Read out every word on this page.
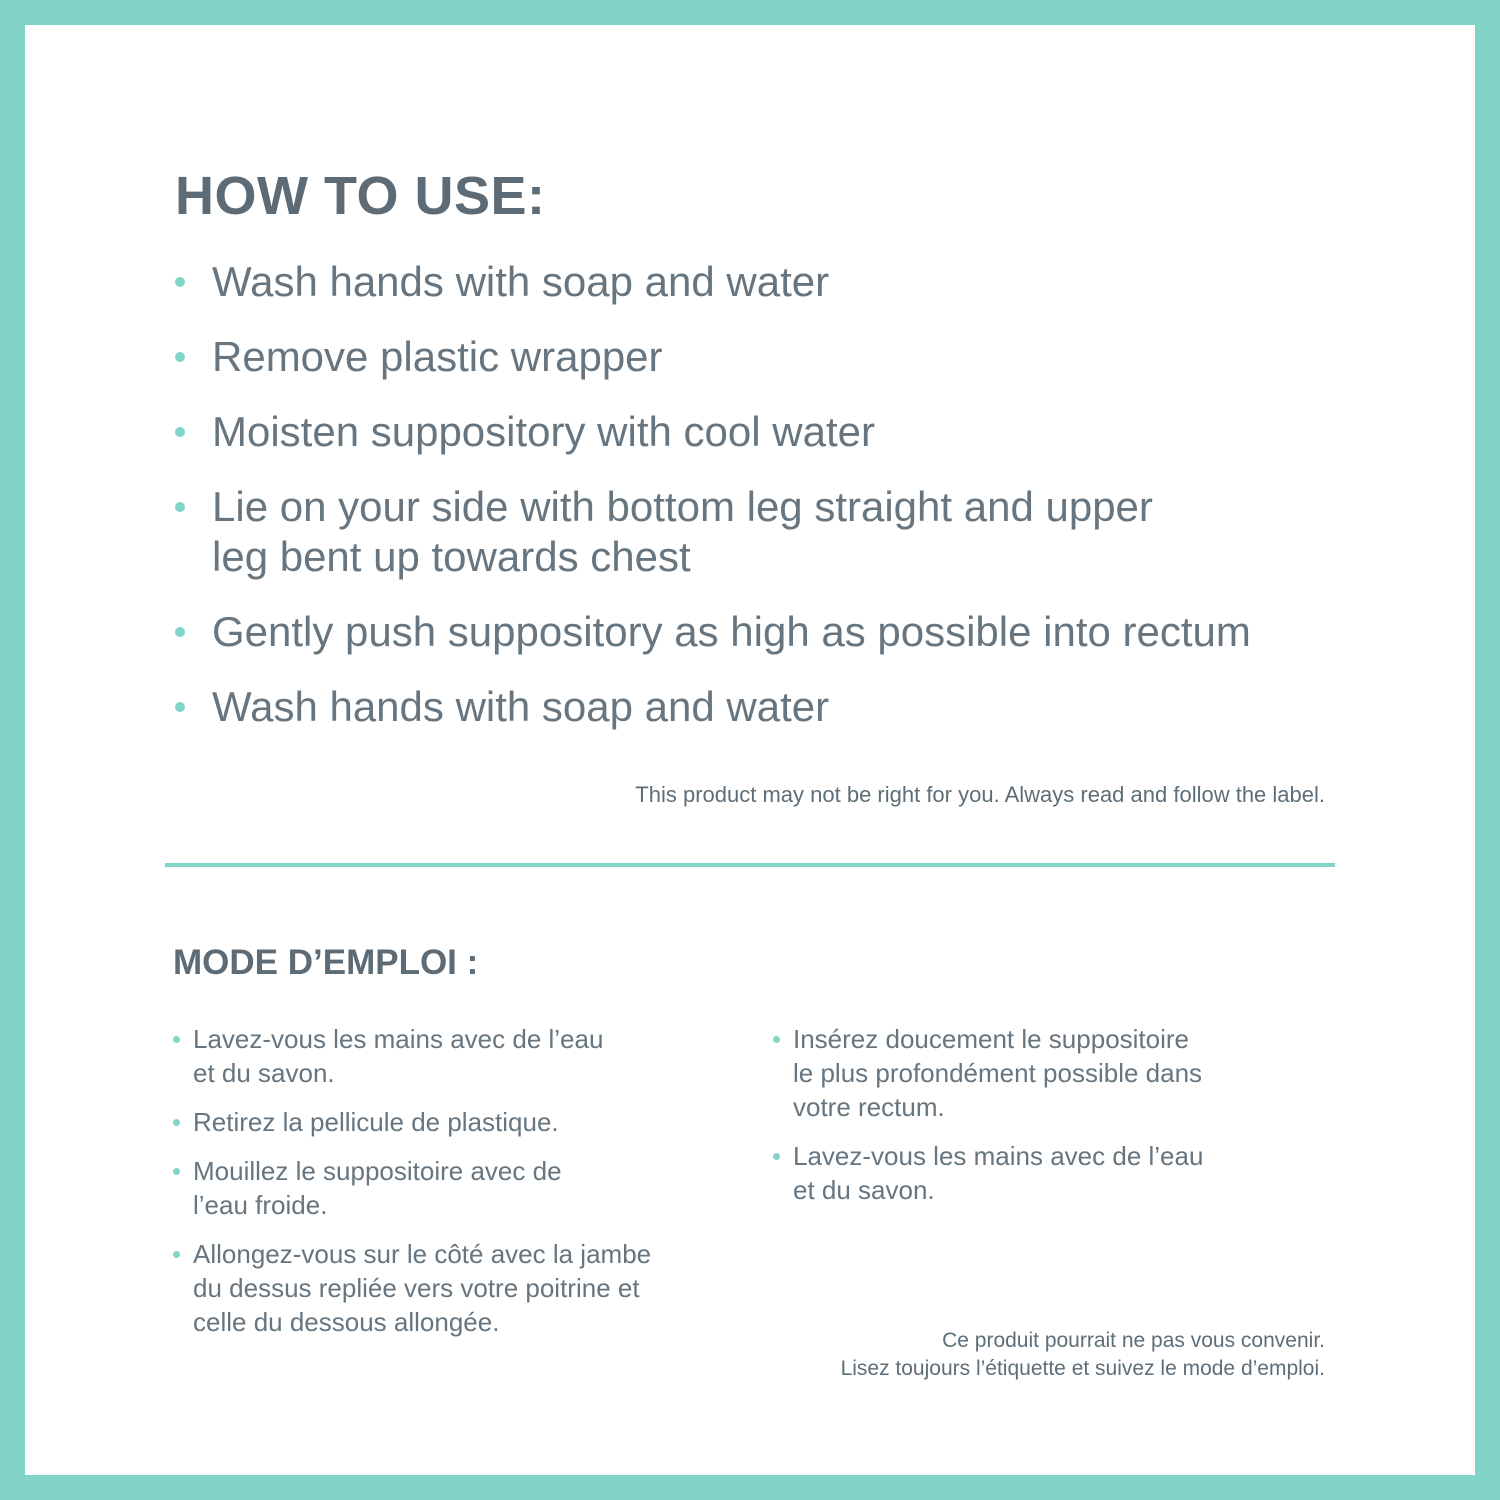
HOW TO USE:
Wash hands with soap and water
Remove plastic wrapper
Moisten suppository with cool water
Lie on your side with bottom leg straight and upper
leg bent up towards chest
Gently push suppository as high as possible into rectum
Wash hands with soap and water
This product may not be right for you. Always read and follow the label.
MODE D’EMPLOI :
Lavez-vous les mains avec de l’eau
et du savon.
Retirez la pellicule de plastique.
Mouillez le suppositoire avec de
l’eau froide.
Allongez-vous sur le côté avec la jambe
du dessus repliée vers votre poitrine et
celle du dessous allongée.
Insérez doucement le suppositoire
le plus profondément possible dans
votre rectum.
Lavez-vous les mains avec de l’eau
et du savon.
Ce produit pourrait ne pas vous convenir.
Lisez toujours l’étiquette et suivez le mode d’emploi.
